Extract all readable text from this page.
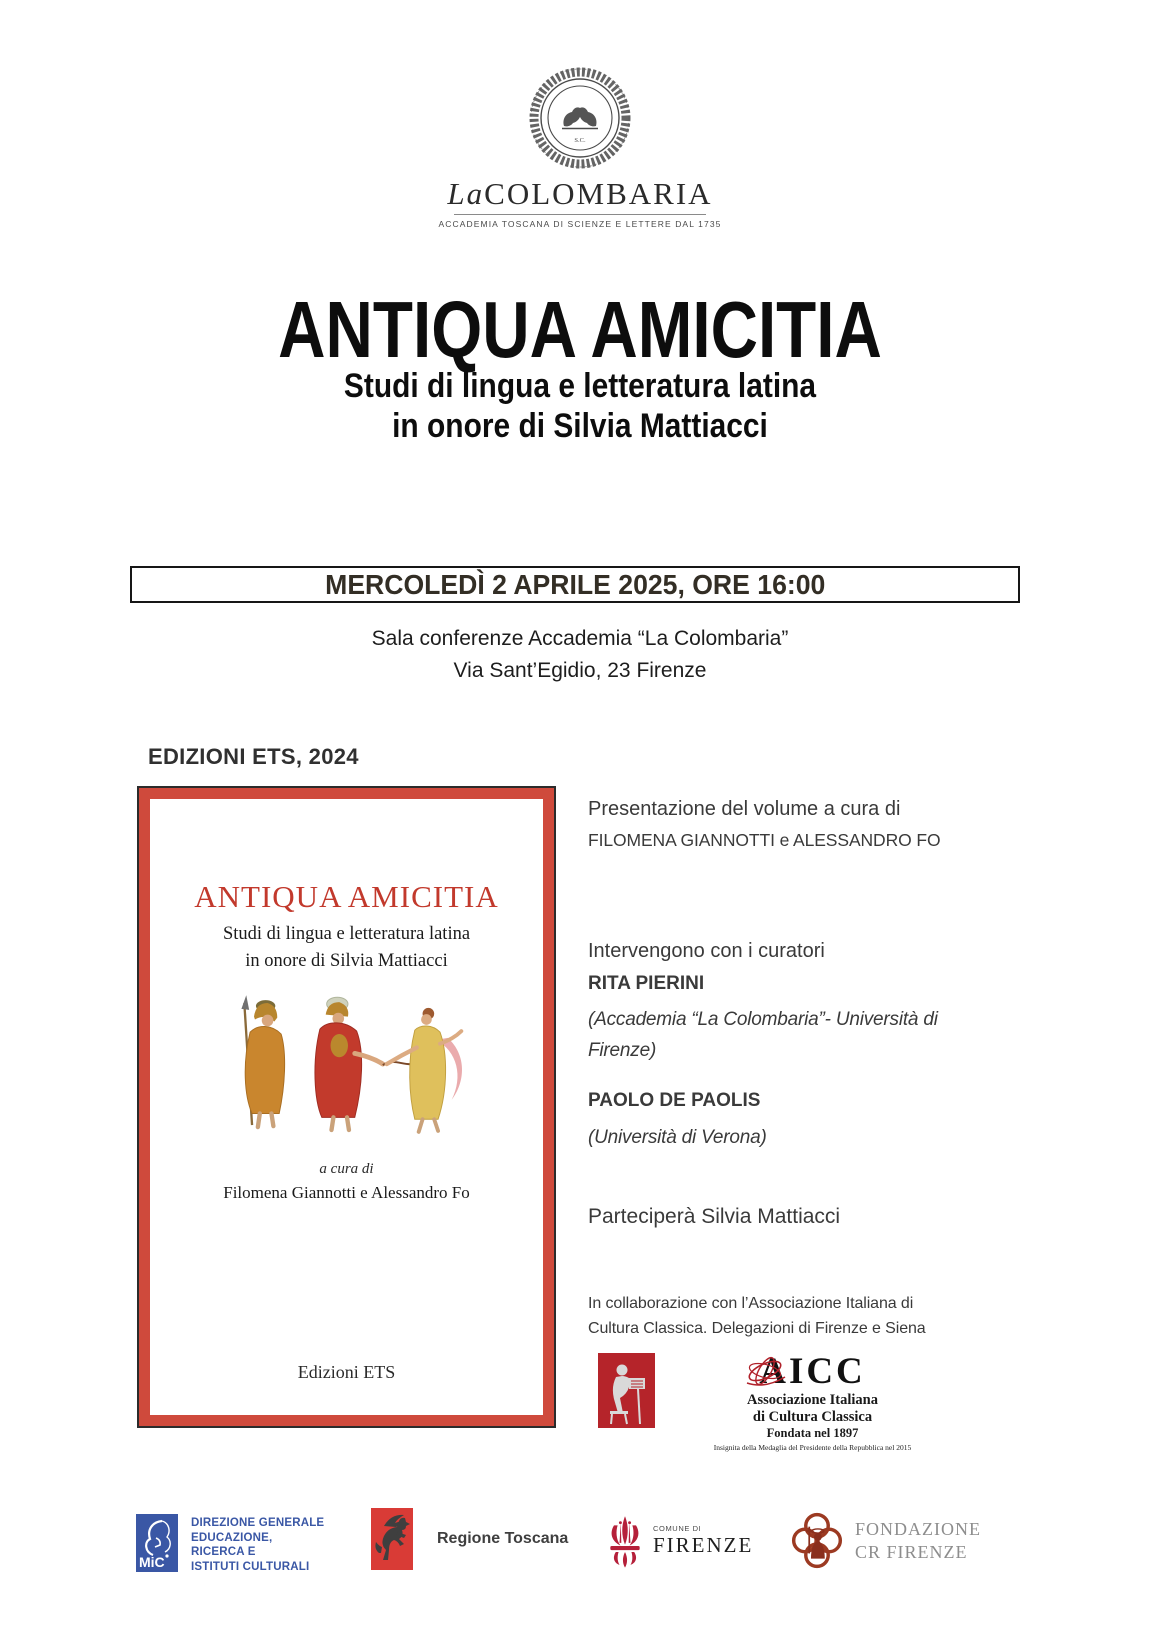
S.C.
LaCOLOMBARIA
ACCADEMIA TOSCANA DI SCIENZE E LETTERE DAL 1735
ANTIQUA AMICITIA
Studi di lingua e letteratura latina
in onore di Silvia Mattiacci
MERCOLEDÌ 2 APRILE 2025, ORE 16:00
Sala conferenze Accademia “La Colombaria”
Via Sant’Egidio, 23 Firenze
EDIZIONI ETS, 2024
ANTIQUA AMICITIA
Studi di lingua e letteratura latina
in onore di Silvia Mattiacci
a cura di
Filomena Giannotti e Alessandro Fo
Edizioni ETS
Presentazione del volume a cura di
FILOMENA GIANNOTTI e ALESSANDRO FO
Intervengono con i curatori
RITA PIERINI
(Accademia “La Colombaria”- Università di
Firenze)
PAOLO DE PAOLIS
(Università di Verona)
Parteciperà Silvia Mattiacci
In collaborazione con l’Associazione Italiana di
Cultura Classica. Delegazioni di Firenze e Siena
AICC
Associazione Italiana
di Cultura Classica
Fondata nel 1897
Insignita della Medaglia del Presidente della Repubblica nel 2015
MiC
DIREZIONE GENERALE
EDUCAZIONE,
RICERCA E
ISTITUTI CULTURALI
Regione Toscana
COMUNE DI
FIRENZE
FONDAZIONE
CR FIRENZE
